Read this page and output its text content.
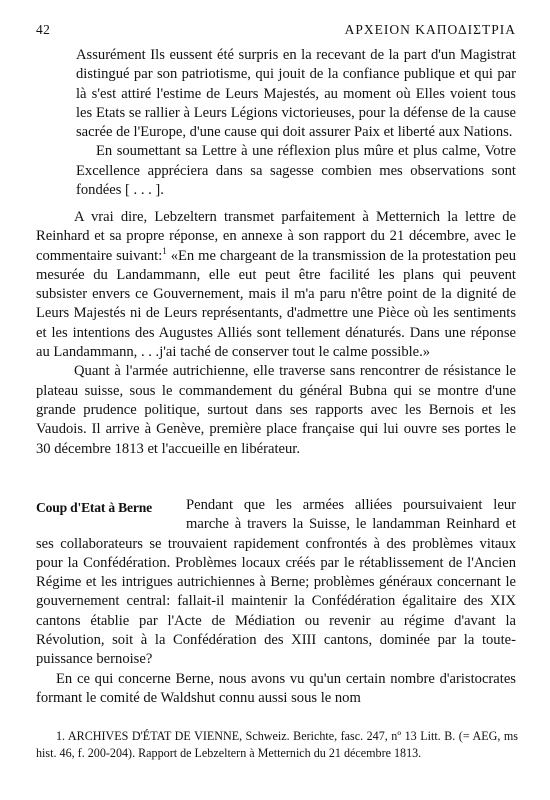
42	ΑΡΧΕΙΟΝ ΚΑΠΟΔΙΣΤΡΙΑ

Assurément Ils eussent été surpris en la recevant de la part d'un Magistrat distingué par son patriotisme, qui jouit de la confiance publique et qui par là s'est attiré l'estime de Leurs Majestés, au moment où Elles voient tous les Etats se rallier à Leurs Légions victorieuses, pour la défense de la cause sacrée de l'Europe, d'une cause qui doit assurer Paix et liberté aux Nations.

En soumettant sa Lettre à une réflexion plus mûre et plus calme, Votre Excellence appréciera dans sa sagesse combien mes observations sont fondées [ . . . ].

A vrai dire, Lebzeltern transmet parfaitement à Metternich la lettre de Reinhard et sa propre réponse, en annexe à son rapport du 21 décembre, avec le commentaire suivant:$^1$ «En me chargeant de la transmission de la protestation peu mesurée du Landammann, elle eut peut être facilité les plans qui peuvent subsister envers ce Gouvernement, mais il m'a paru n'être point de la dignité de Leurs Majestés ni de Leurs représentants, d'admettre une Pièce où les sentiments et les intentions des Augustes Alliés sont tellement dénaturés. Dans une réponse au Landammann, . . .j'ai taché de conserver tout le calme possible.»

Quant à l'armée autrichienne, elle traverse sans rencontrer de résistance le plateau suisse, sous le commandement du général Bubna qui se montre d'une grande prudence politique, surtout dans ses rapports avec les Bernois et les Vaudois. Il arrive à Genève, première place française qui lui ouvre ses portes le 30 décembre 1813 et l'accueille en libérateur.

Coup d'Etat à Berne	Pendant que les armées alliées poursuivaient leur marche à travers la Suisse, le landamman Reinhard et ses collaborateurs se trouvaient rapidement confrontés à des problèmes vitaux pour la Confédération. Problèmes locaux créés par le rétablissement de l'Ancien Régime et les intrigues autrichiennes à Berne; problèmes généraux concernant le gouvernement central: fallait-il maintenir la Confédération égalitaire des XIX cantons établie par l'Acte de Médiation ou revenir au régime d'avant la Révolution, soit à la Confédération des XIII cantons, dominée par la toute-puissance bernoise?

En ce qui concerne Berne, nous avons vu qu'un certain nombre d'aristocrates formant le comité de Waldshut connu aussi sous le nom

1. ARCHIVES D'ÉTAT DE VIENNE, Schweiz. Berichte, fasc. 247, nº 13 Litt. B. (= AEG, ms hist. 46, f. 200-204). Rapport de Lebzeltern à Metternich du 21 décembre 1813.
